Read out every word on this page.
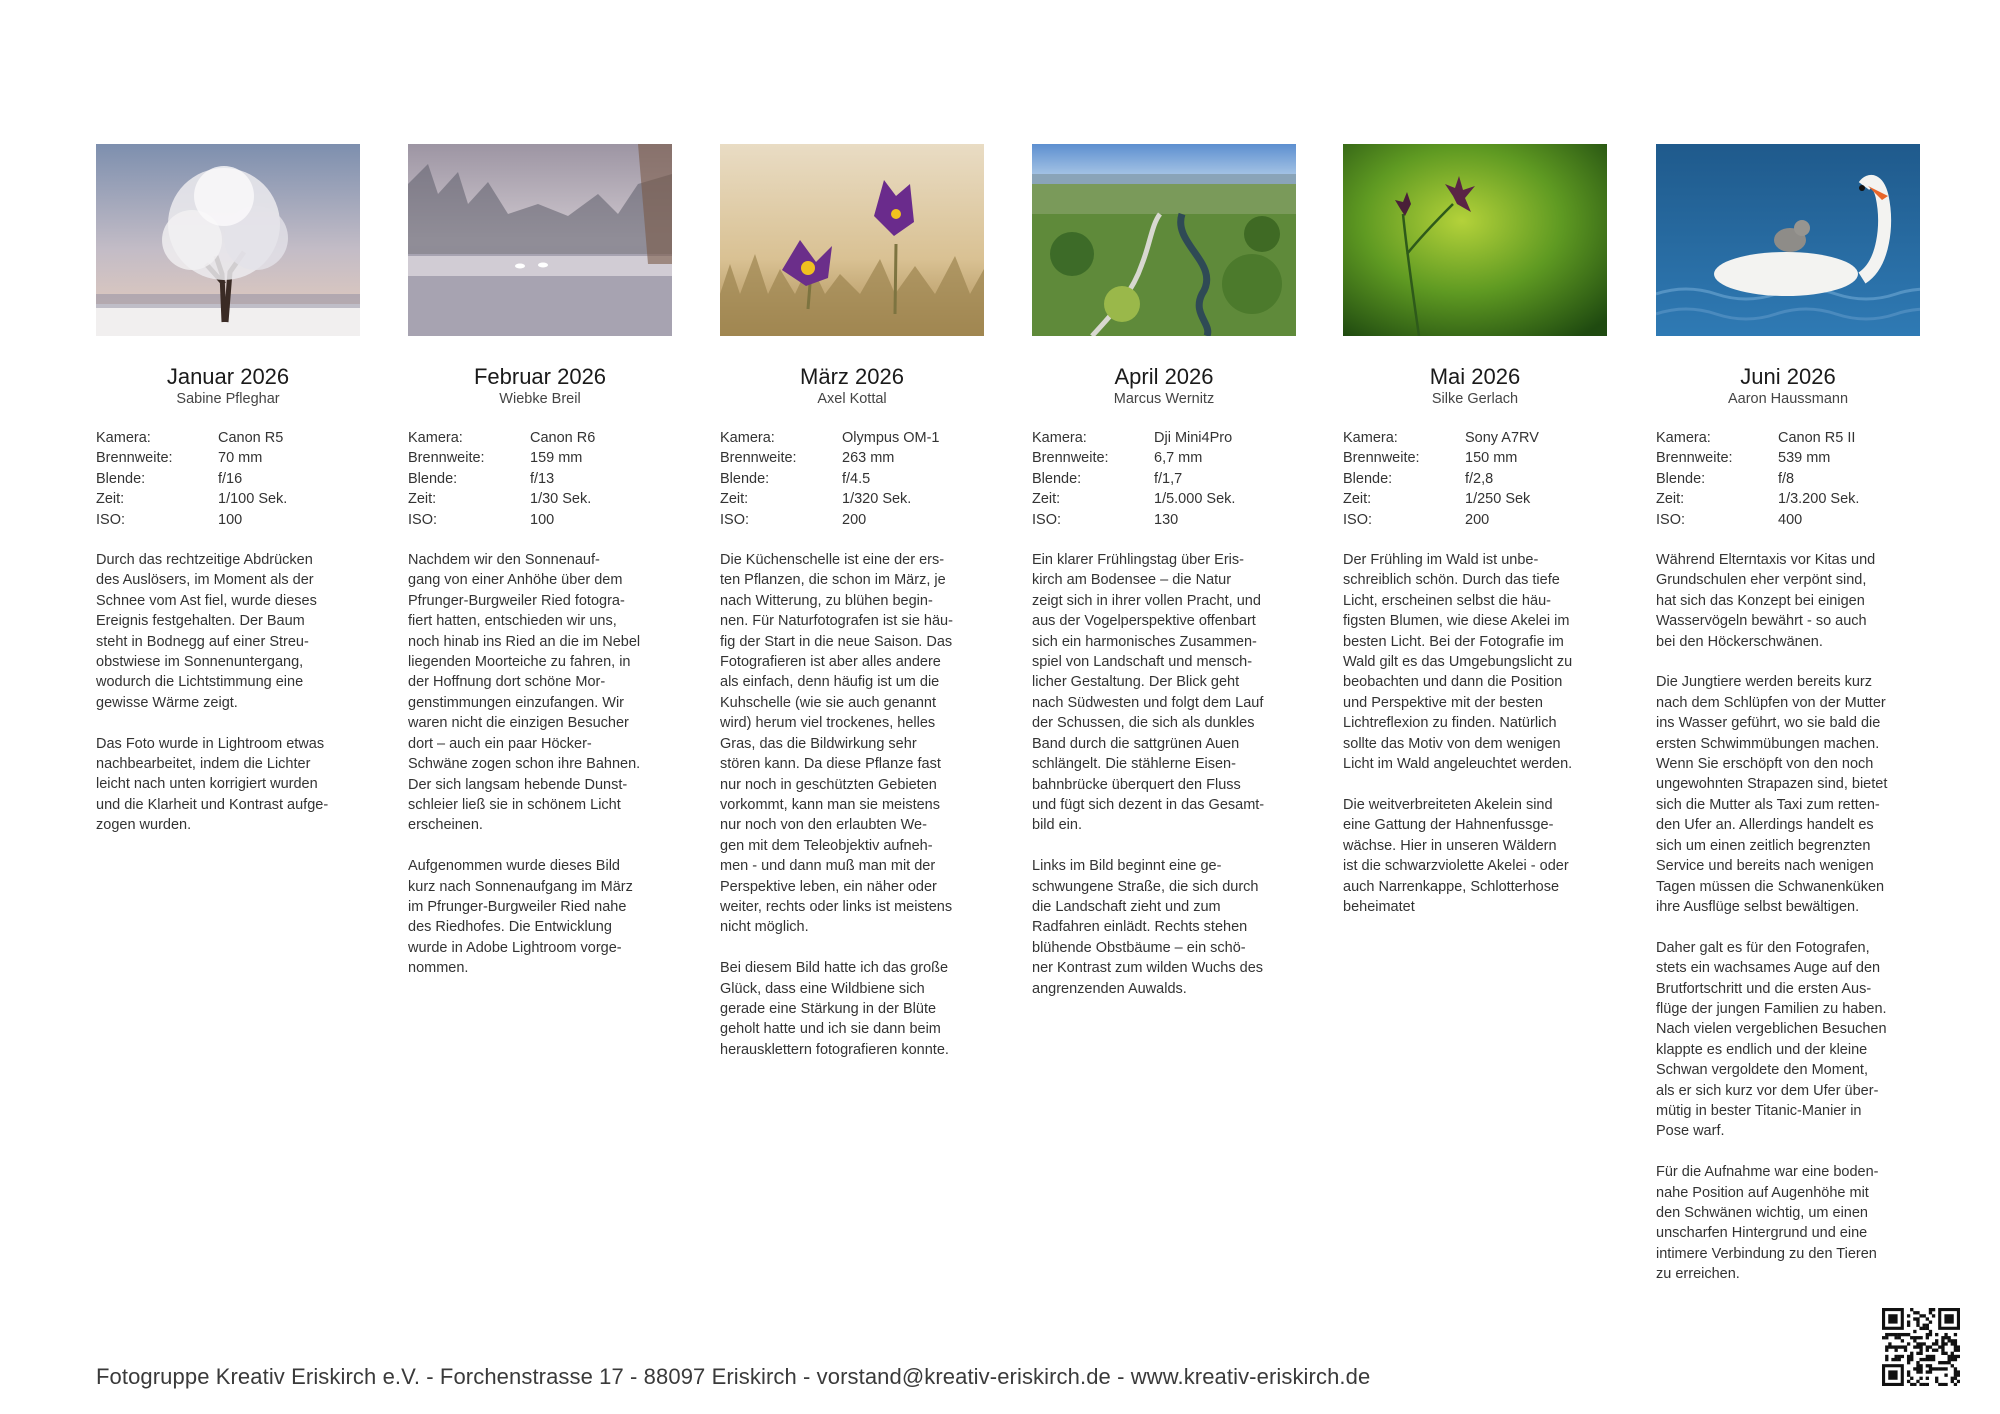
Januar 2026
Sabine Pfleghar
Kamera:	Canon R5
Brennweite:	70 mm
Blende:	f/16
Zeit:	1/100 Sek.
ISO:	100

Durch das rechtzeitige Abdrücken
des Auslösers, im Moment als der
Schnee vom Ast fiel, wurde dieses
Ereignis festgehalten. Der Baum
steht in Bodnegg auf einer Streu-
obstwiese im Sonnenuntergang,
wodurch die Lichtstimmung eine
gewisse Wärme zeigt.

Das Foto wurde in Lightroom etwas
nachbearbeitet, indem die Lichter
leicht nach unten korrigiert wurden
und die Klarheit und Kontrast aufge-
zogen wurden.

Februar 2026
Wiebke Breil
Kamera:	Canon R6
Brennweite:	159 mm
Blende:	f/13
Zeit:	1/30 Sek.
ISO:	100

Nachdem wir den Sonnenauf-
gang von einer Anhöhe über dem
Pfrunger-Burgweiler Ried fotogra-
fiert hatten, entschieden wir uns,
noch hinab ins Ried an die im Nebel
liegenden Moorteiche zu fahren, in
der Hoffnung dort schöne Mor-
genstimmungen einzufangen. Wir
waren nicht die einzigen Besucher
dort – auch ein paar Höcker-
Schwäne zogen schon ihre Bahnen.
Der sich langsam hebende Dunst-
schleier ließ sie in schönem Licht
erscheinen.

Aufgenommen wurde dieses Bild
kurz nach Sonnenaufgang im März
im Pfrunger-Burgweiler Ried nahe
des Riedhofes. Die Entwicklung
wurde in Adobe Lightroom vorge-
nommen.

März 2026
Axel Kottal
Kamera:	Olympus OM-1
Brennweite:	263 mm
Blende:	f/4.5
Zeit:	1/320 Sek.
ISO:	200

Die Küchenschelle ist eine der ers-
ten Pflanzen, die schon im März, je
nach Witterung, zu blühen begin-
nen. Für Naturfotografen ist sie häu-
fig der Start in die neue Saison. Das
Fotografieren ist aber alles andere
als einfach, denn häufig ist um die
Kuhschelle (wie sie auch genannt
wird) herum viel trockenes, helles
Gras, das die Bildwirkung sehr
stören kann. Da diese Pflanze fast
nur noch in geschützten Gebieten
vorkommt, kann man sie meistens
nur noch von den erlaubten We-
gen mit dem Teleobjektiv aufneh-
men - und dann muß man mit der
Perspektive leben, ein näher oder
weiter, rechts oder links ist meistens
nicht möglich.

Bei diesem Bild hatte ich das große
Glück, dass eine Wildbiene sich
gerade eine Stärkung in der Blüte
geholt hatte und ich sie dann beim
herausklettern fotografieren konnte.

April 2026
Marcus Wernitz
Kamera:	Dji Mini4Pro
Brennweite:	6,7 mm
Blende:	f/1,7
Zeit:	1/5.000 Sek.
ISO:	130

Ein klarer Frühlingstag über Eris-
kirch am Bodensee – die Natur
zeigt sich in ihrer vollen Pracht, und
aus der Vogelperspektive offenbart
sich ein harmonisches Zusammen-
spiel von Landschaft und mensch-
licher Gestaltung. Der Blick geht
nach Südwesten und folgt dem Lauf
der Schussen, die sich als dunkles
Band durch die sattgrünen Auen
schlängelt. Die stählerne Eisen-
bahnbrücke überquert den Fluss
und fügt sich dezent in das Gesamt-
bild ein.

Links im Bild beginnt eine ge-
schwungene Straße, die sich durch
die Landschaft zieht und zum
Radfahren einlädt. Rechts stehen
blühende Obstbäume – ein schö-
ner Kontrast zum wilden Wuchs des
angrenzenden Auwalds.

Mai 2026
Silke Gerlach
Kamera:	Sony A7RV
Brennweite:	150 mm
Blende:	f/2,8
Zeit:	1/250 Sek
ISO:	200

Der Frühling im Wald ist unbe-
schreiblich schön. Durch das tiefe
Licht, erscheinen selbst die häu-
figsten Blumen, wie diese Akelei im
besten Licht. Bei der Fotografie im
Wald gilt es das Umgebungslicht zu
beobachten und dann die Position
und Perspektive mit der besten
Lichtreflexion zu finden. Natürlich
sollte das Motiv von dem wenigen
Licht im Wald angeleuchtet werden.

Die weitverbreiteten Akelein sind
eine Gattung der Hahnenfussge-
wächse. Hier in unseren Wäldern
ist die schwarzviolette Akelei - oder
auch Narrenkappe, Schlotterhose
beheimatet

Juni 2026
Aaron Haussmann
Kamera:	Canon R5 II
Brennweite:	539 mm
Blende:	f/8
Zeit:	1/3.200 Sek.
ISO:	400

Während Elterntaxis vor Kitas und
Grundschulen eher verpönt sind,
hat sich das Konzept bei einigen
Wasservögeln bewährt - so auch
bei den Höckerschwänen.

Die Jungtiere werden bereits kurz
nach dem Schlüpfen von der Mutter
ins Wasser geführt, wo sie bald die
ersten Schwimmübungen machen.
Wenn Sie erschöpft von den noch
ungewohnten Strapazen sind, bietet
sich die Mutter als Taxi zum retten-
den Ufer an. Allerdings handelt es
sich um einen zeitlich begrenzten
Service und bereits nach wenigen
Tagen müssen die Schwanenküken
ihre Ausflüge selbst bewältigen.

Daher galt es für den Fotografen,
stets ein wachsames Auge auf den
Brutfortschritt und die ersten Aus-
flüge der jungen Familien zu haben.
Nach vielen vergeblichen Besuchen
klappte es endlich und der kleine
Schwan vergoldete den Moment,
als er sich kurz vor dem Ufer über-
mütig in bester Titanic-Manier in
Pose warf.

Für die Aufnahme war eine boden-
nahe Position auf Augenhöhe mit
den Schwänen wichtig, um einen
unscharfen Hintergrund und eine
intimere Verbindung zu den Tieren
zu erreichen.

Fotogruppe Kreativ Eriskirch e.V. - Forchenstrasse 17 - 88097 Eriskirch - vorstand@kreativ-eriskirch.de - www.kreativ-eriskirch.de
